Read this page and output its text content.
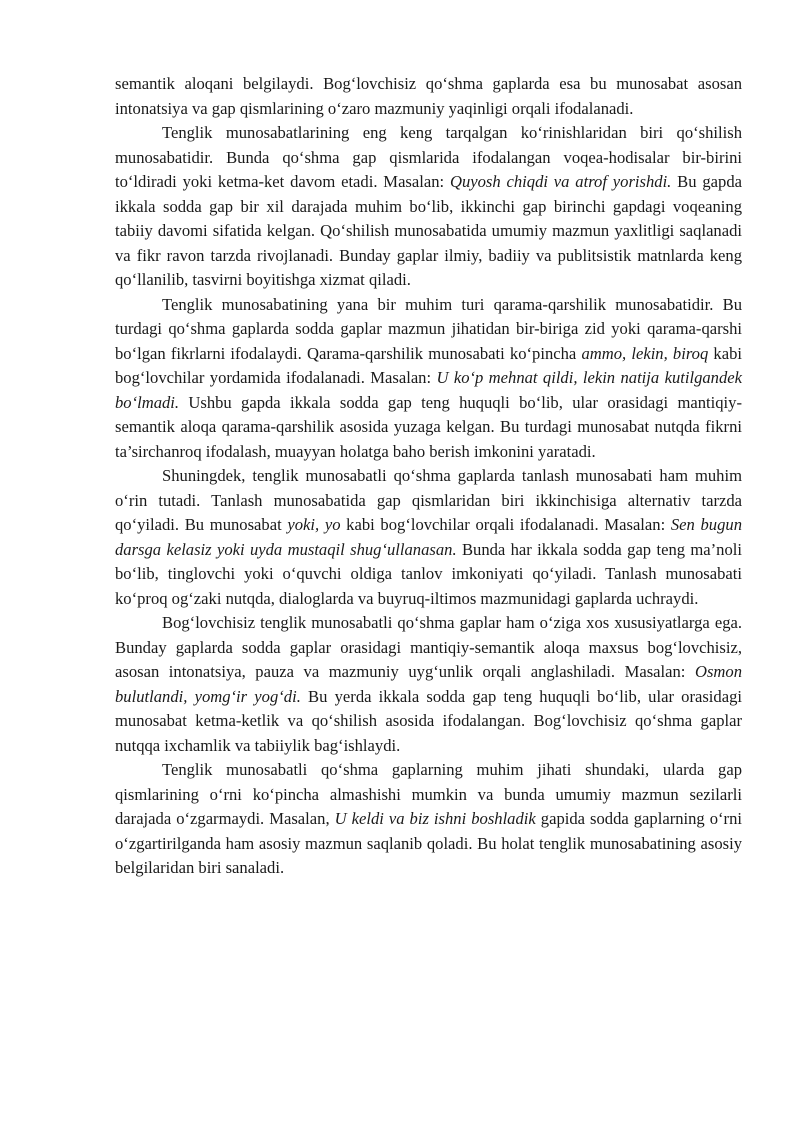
semantik aloqani belgilaydi. Bog‘lovchisiz qo‘shma gaplarda esa bu munosabat asosan intonatsiya va gap qismlarining o‘zaro mazmuniy yaqinligi orqali ifodalanadi.

Tenglik munosabatlarining eng keng tarqalgan ko‘rinishlaridan biri qo‘shilish munosabatidir. Bunda qo‘shma gap qismlarida ifodalangan voqea-hodisalar bir-birini to‘ldiradi yoki ketma-ket davom etadi. Masalan: Quyosh chiqdi va atrof yorishdi. Bu gapda ikkala sodda gap bir xil darajada muhim bo‘lib, ikkinchi gap birinchi gapdagi voqeaning tabiiy davomi sifatida kelgan. Qo‘shilish munosabatida umumiy mazmun yaxlitligi saqlanadi va fikr ravon tarzda rivojlanadi. Bunday gaplar ilmiy, badiiy va publitsistik matnlarda keng qo‘llanilib, tasvirni boyitishga xizmat qiladi.

Tenglik munosabatining yana bir muhim turi qarama-qarshilik munosabatidir. Bu turdagi qo‘shma gaplarda sodda gaplar mazmun jihatidan bir-biriga zid yoki qarama-qarshi bo‘lgan fikrlarni ifodalaydi. Qarama-qarshilik munosabati ko‘pincha ammo, lekin, biroq kabi bog‘lovchilar yordamida ifodalanadi. Masalan: U ko‘p mehnat qildi, lekin natija kutilgandek bo‘lmadi. Ushbu gapda ikkala sodda gap teng huquqli bo‘lib, ular orasidagi mantiqiy-semantik aloqa qarama-qarshilik asosida yuzaga kelgan. Bu turdagi munosabat nutqda fikrni ta’sirchanroq ifodalash, muayyan holatga baho berish imkonini yaratadi.

Shuningdek, tenglik munosabatli qo‘shma gaplarda tanlash munosabati ham muhim o‘rin tutadi. Tanlash munosabatida gap qismlaridan biri ikkinchisiga alternativ tarzda qo‘yiladi. Bu munosabat yoki, yo kabi bog‘lovchilar orqali ifodalanadi. Masalan: Sen bugun darsga kelasiz yoki uyda mustaqil shug‘ullanasan. Bunda har ikkala sodda gap teng ma’noli bo‘lib, tinglovchi yoki o‘quvchi oldiga tanlov imkoniyati qo‘yiladi. Tanlash munosabati ko‘proq og‘zaki nutqda, dialoglarda va buyruq-iltimos mazmunidagi gaplarda uchraydi.

Bog‘lovchisiz tenglik munosabatli qo‘shma gaplar ham o‘ziga xos xususiyatlarga ega. Bunday gaplarda sodda gaplar orasidagi mantiqiy-semantik aloqa maxsus bog‘lovchisiz, asosan intonatsiya, pauza va mazmuniy uyg‘unlik orqali anglashiladi. Masalan: Osmon bulutlandi, yomg‘ir yog‘di. Bu yerda ikkala sodda gap teng huquqli bo‘lib, ular orasidagi munosabat ketma-ketlik va qo‘shilish asosida ifodalangan. Bog‘lovchisiz qo‘shma gaplar nutqqa ixchamlik va tabiiylik bag‘ishlaydi.

Tenglik munosabatli qo‘shma gaplarning muhim jihati shundaki, ularda gap qismlarining o‘rni ko‘pincha almashishi mumkin va bunda umumiy mazmun sezilarli darajada o‘zgarmaydi. Masalan, U keldi va biz ishni boshladik gapida sodda gaplarning o‘rni o‘zgartirilganda ham asosiy mazmun saqlanib qoladi. Bu holat tenglik munosabatining asosiy belgilaridan biri sanaladi.
